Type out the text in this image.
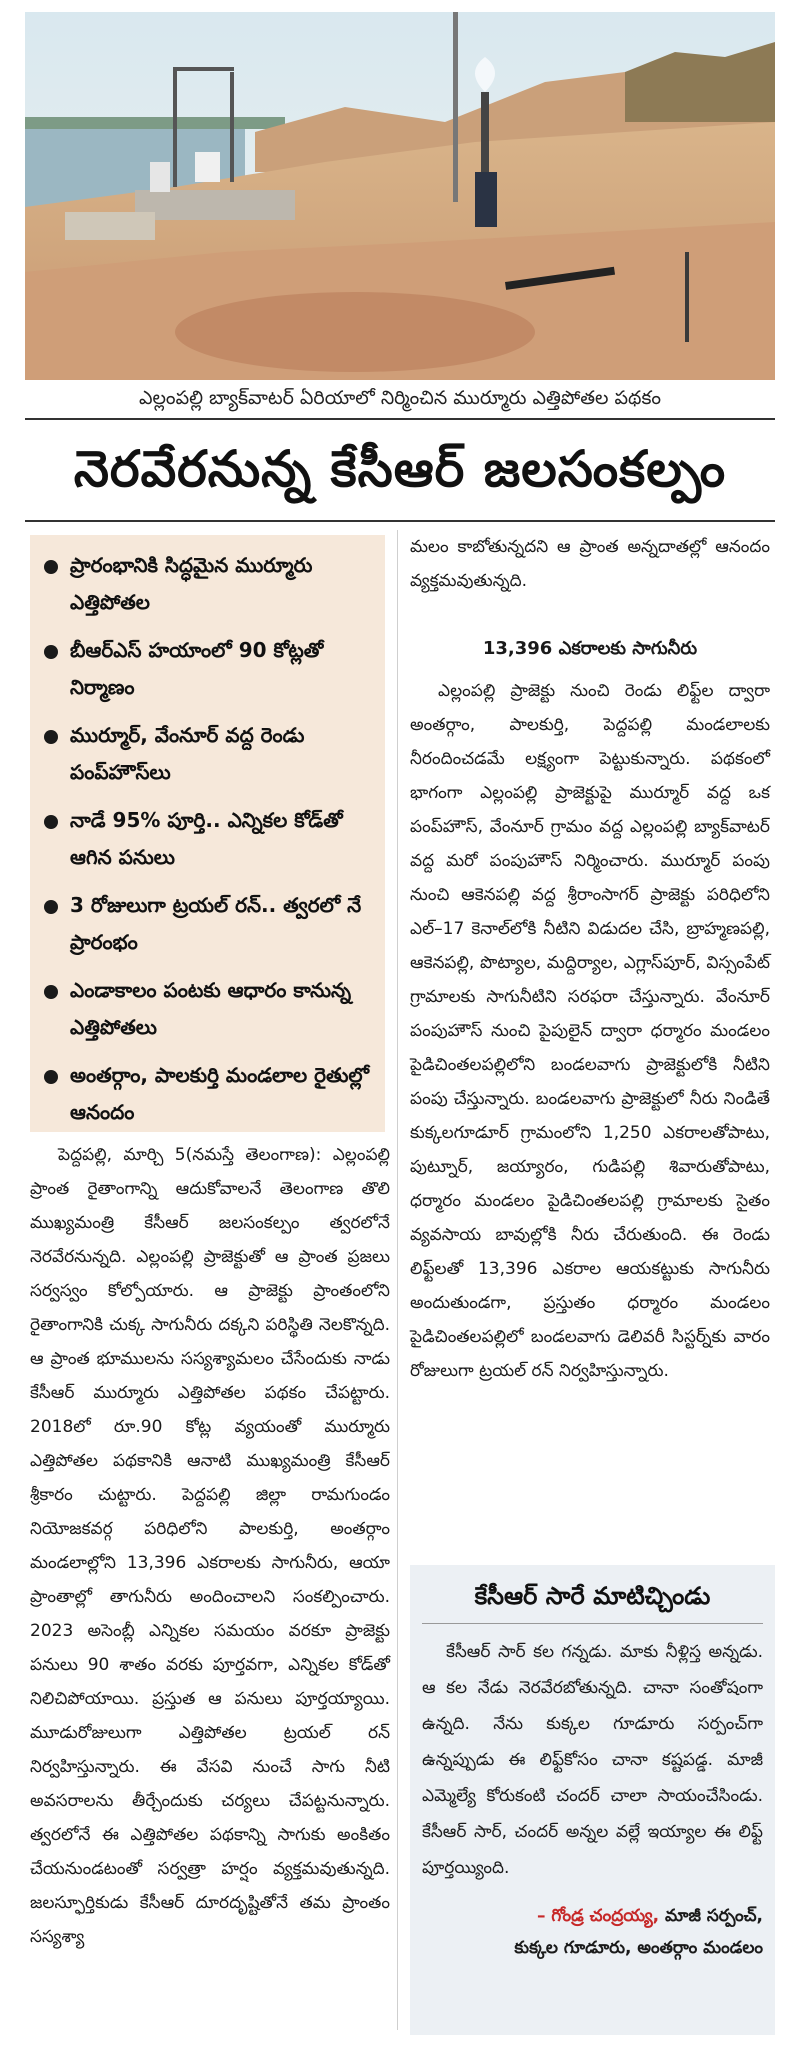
ఎల్లంపల్లి బ్యాక్‌వాటర్ ఏరియాలో నిర్మించిన ముర్మూరు ఎత్తిపోతల పథకం
నెరవేరనున్న కేసీఆర్ జలసంకల్పం
ప్రారంభానికి సిద్ధమైన ముర్మూరు ఎత్తిపోతల
బీఆర్‌ఎస్ హయాంలో 90 కోట్లతో నిర్మాణం
ముర్మూర్, వేంనూర్ వద్ద రెండు పంప్‌హౌస్‌లు
నాడే 95% పూర్తి.. ఎన్నికల కోడ్‌తో ఆగిన పనులు
3 రోజులుగా ట్రయల్ రన్.. త్వరలో నే ప్రారంభం
ఎండాకాలం పంటకు ఆధారం కానున్న ఎత్తిపోతలు
అంతర్గాం, పాలకుర్తి మండలాల రైతుల్లో ఆనందం

పెద్దపల్లి, మార్చి 5(నమస్తే తెలంగాణ): ఎల్లంపల్లి ప్రాంత రైతాంగాన్ని ఆదుకోవాలనే తెలంగాణ తొలి ముఖ్యమంత్రి కేసీఆర్ జలసంకల్పం త్వరలోనే నెరవేరనున్నది. ఎల్లంపల్లి ప్రాజెక్టుతో ఆ ప్రాంత ప్రజలు సర్వస్వం కోల్పోయారు. ఆ ప్రాజెక్టు ప్రాంతంలోని రైతాంగానికి చుక్క సాగునీరు దక్కని పరిస్థితి నెలకొన్నది. ఆ ప్రాంత భూములను సస్యశ్యామలం చేసేందుకు నాడు కేసీఆర్ ముర్మూరు ఎత్తిపోతల పథకం చేపట్టారు. 2018లో రూ.90 కోట్ల వ్యయంతో ముర్మూరు ఎత్తిపోతల పథకానికి ఆనాటి ముఖ్యమంత్రి కేసీఆర్ శ్రీకారం చుట్టారు. పెద్దపల్లి జిల్లా రామగుండం నియోజకవర్గ పరిధిలోని పాలకుర్తి, అంతర్గాం మండలాల్లోని 13,396 ఎకరాలకు సాగునీరు, ఆయా ప్రాంతాల్లో తాగునీరు అందించాలని సంకల్పించారు. 2023 అసెంబ్లీ ఎన్నికల సమయం వరకూ ప్రాజెక్టు పనులు 90 శాతం వరకు పూర్తవగా, ఎన్నికల కోడ్‌తో నిలిచిపోయాయి. ప్రస్తుత ఆ పనులు పూర్తయ్యాయి. మూడురోజులుగా ఎత్తిపోతల ట్రయల్ రన్ నిర్వహిస్తున్నారు. ఈ వేసవి నుంచే సాగు నీటి అవసరాలను తీర్చేందుకు చర్యలు చేపట్టనున్నారు. త్వరలోనే ఈ ఎత్తిపోతల పథకాన్ని సాగుకు అంకితం చేయనుండటంతో సర్వత్రా హర్షం వ్యక్తమవుతున్నది. జలస్ఫూర్తికుడు కేసీఆర్ దూరదృష్టితోనే తమ ప్రాంతం సస్యశ్యా

మలం కాబోతున్నదని ఆ ప్రాంత అన్నదాతల్లో ఆనందం వ్యక్తమవుతున్నది.

13,396 ఎకరాలకు సాగునీరు

ఎల్లంపల్లి ప్రాజెక్టు నుంచి రెండు లిఫ్ట్‌ల ద్వారా అంతర్గాం, పాలకుర్తి, పెద్దపల్లి మండలాలకు నీరందించడమే లక్ష్యంగా పెట్టుకున్నారు. పథకంలో భాగంగా ఎల్లంపల్లి ప్రాజెక్టుపై ముర్మూర్ వద్ద ఒక పంప్‌హౌస్, వేంనూర్ గ్రామం వద్ద ఎల్లంపల్లి బ్యాక్‌వాటర్ వద్ద మరో పంపుహౌస్ నిర్మించారు. ముర్మూర్ పంపు నుంచి ఆకెనపల్లి వద్ద శ్రీరాంసాగర్ ప్రాజెక్టు పరిధిలోని ఎల్–17 కెనాల్‌లోకి నీటిని విడుదల చేసి, బ్రాహ్మణపల్లి, ఆకెనపల్లి, పొట్యాల, మద్దిర్యాల, ఎగ్లాస్‌పూర్, విస్సంపేట్ గ్రామాలకు సాగునీటిని సరఫరా చేస్తున్నారు. వేంనూర్ పంపుహౌస్ నుంచి పైపులైన్ ద్వారా ధర్మారం మండలం పైడిచింతలపల్లిలోని బండలవాగు ప్రాజెక్టులోకి నీటిని పంపు చేస్తున్నారు. బండలవాగు ప్రాజెక్టులో నీరు నిండితే కుక్కలగూడూర్ గ్రామంలోని 1,250 ఎకరాలతోపాటు, పుట్నూర్, జయ్యారం, గుడిపల్లి శివారుతోపాటు, ధర్మారం మండలం పైడిచింతలపల్లి గ్రామాలకు సైతం వ్యవసాయ బావుల్లోకి నీరు చేరుతుంది. ఈ రెండు లిఫ్ట్‌లతో 13,396 ఎకరాల ఆయకట్టుకు సాగునీరు అందుతుండగా, ప్రస్తుతం ధర్మారం మండలం పైడిచింతలపల్లిలో బండలవాగు డెలివరీ సిస్టర్న్‌కు వారం రోజులుగా ట్రయల్ రన్ నిర్వహిస్తున్నారు.

కేసీఆర్ సారే మాటిచ్చిండు

కేసీఆర్ సార్ కల గన్నడు. మాకు నీళ్లిస్త అన్నడు. ఆ కల నేడు నెరవేరబోతున్నది. చానా సంతోషంగా ఉన్నది. నేను కుక్కల గూడూరు సర్పంచ్‌గా ఉన్నప్పుడు ఈ లిఫ్ట్‌కోసం చానా కష్టపడ్డ. మాజీ ఎమ్మెల్యే కోరుకంటి చందర్ చాలా సాయంచేసిండు. కేసీఆర్ సార్, చందర్ అన్నల వల్లే ఇయ్యాల ఈ లిఫ్ట్ పూర్తయ్యింది.

– గోండ్ర చంద్రయ్య, మాజీ సర్పంచ్,
కుక్కల గూడూరు, అంతర్గాం మండలం
